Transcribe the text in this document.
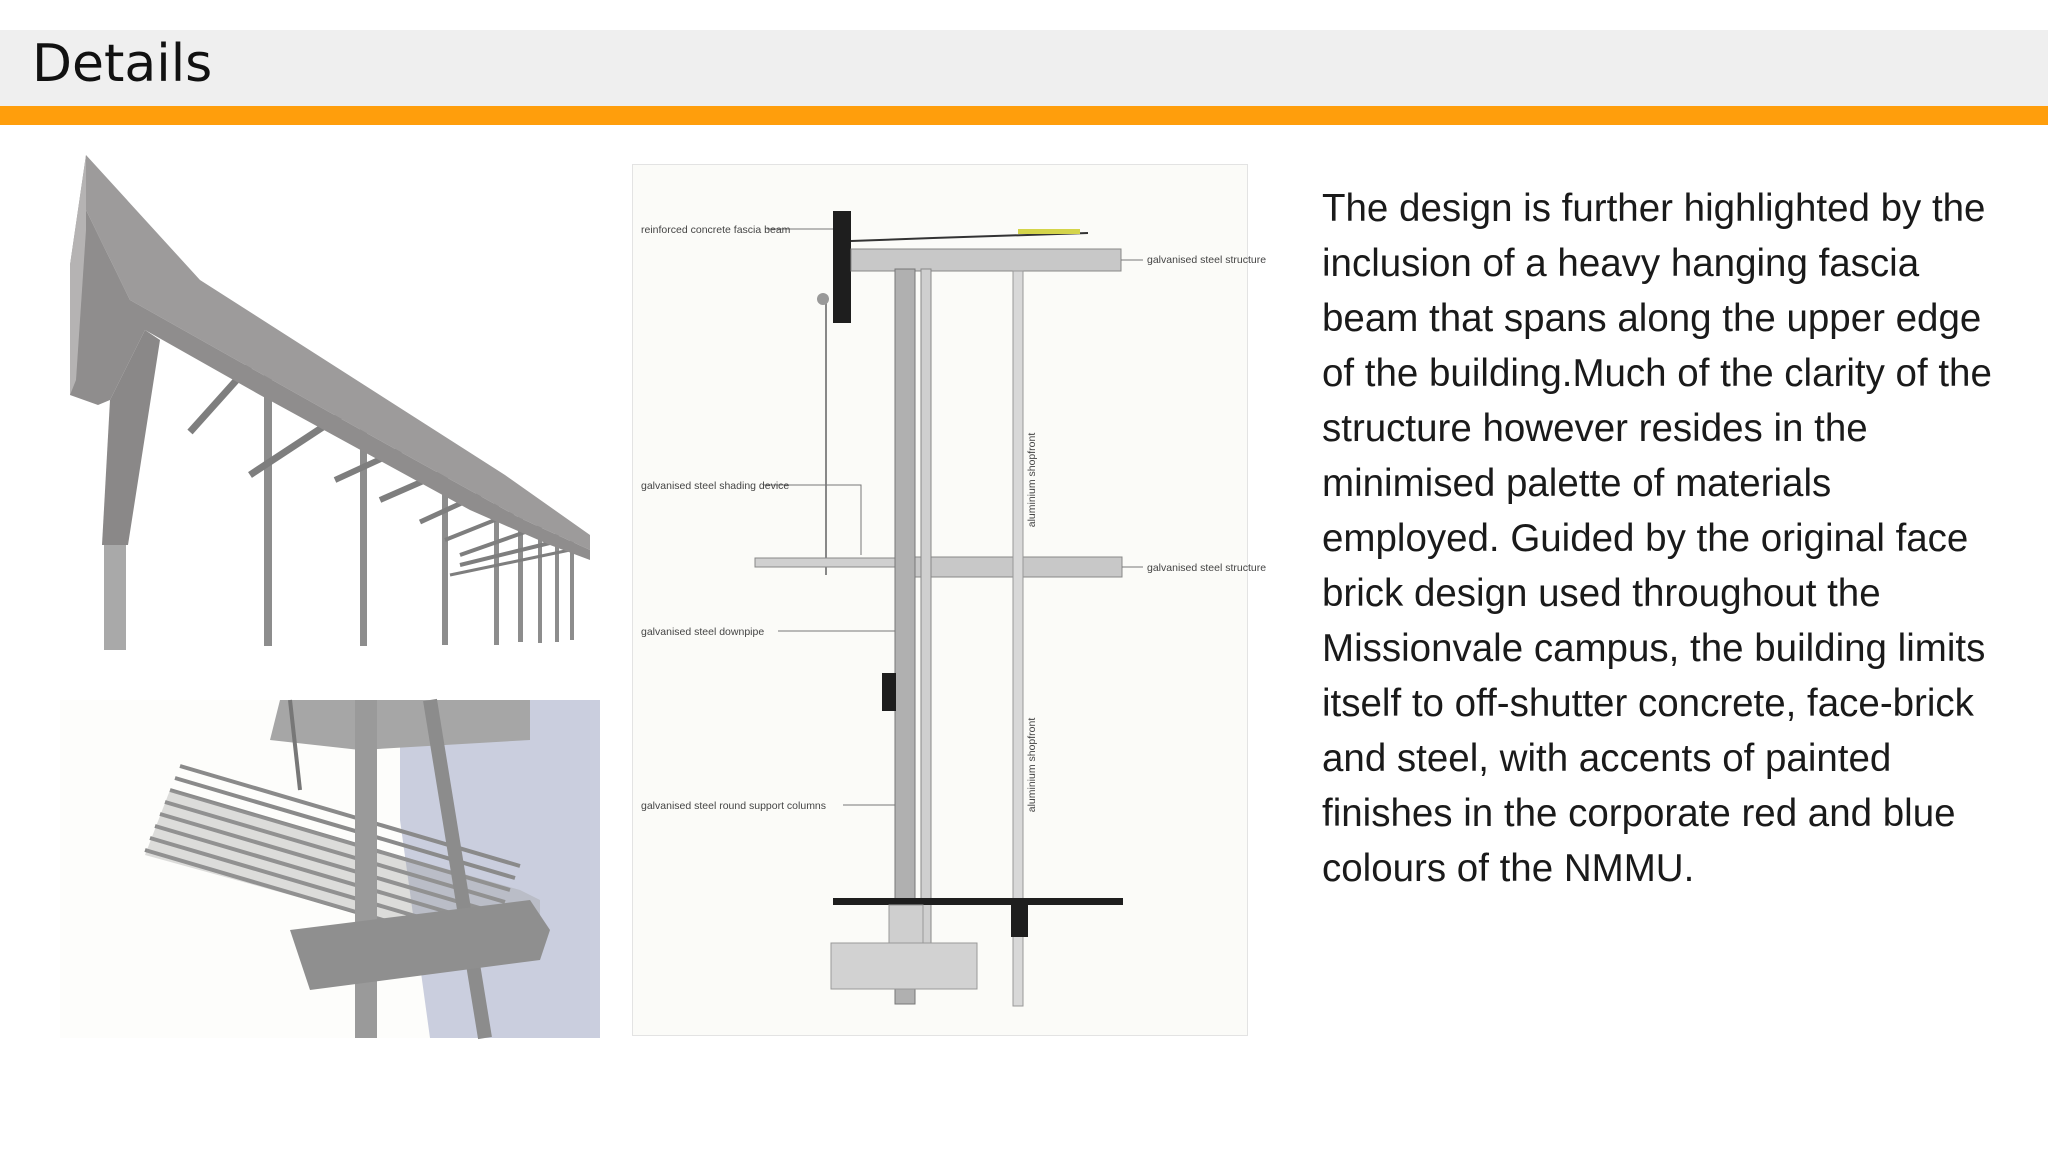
Details
reinforced concrete fascia beam
galvanised steel structure
galvanised steel shading device
galvanised steel structure
galvanised steel downpipe
galvanised steel round support columns
aluminium shopfront
aluminium shopfront

The design is further highlighted by the inclusion of a heavy hanging fascia beam that spans along the upper edge of the building.Much of the clarity of the structure however resides in the minimised palette of materials employed. Guided by the original face brick design used throughout the Missionvale campus, the building limits itself to off-shutter concrete, face-brick and steel, with accents of painted finishes in the corporate red and blue colours of the NMMU.
